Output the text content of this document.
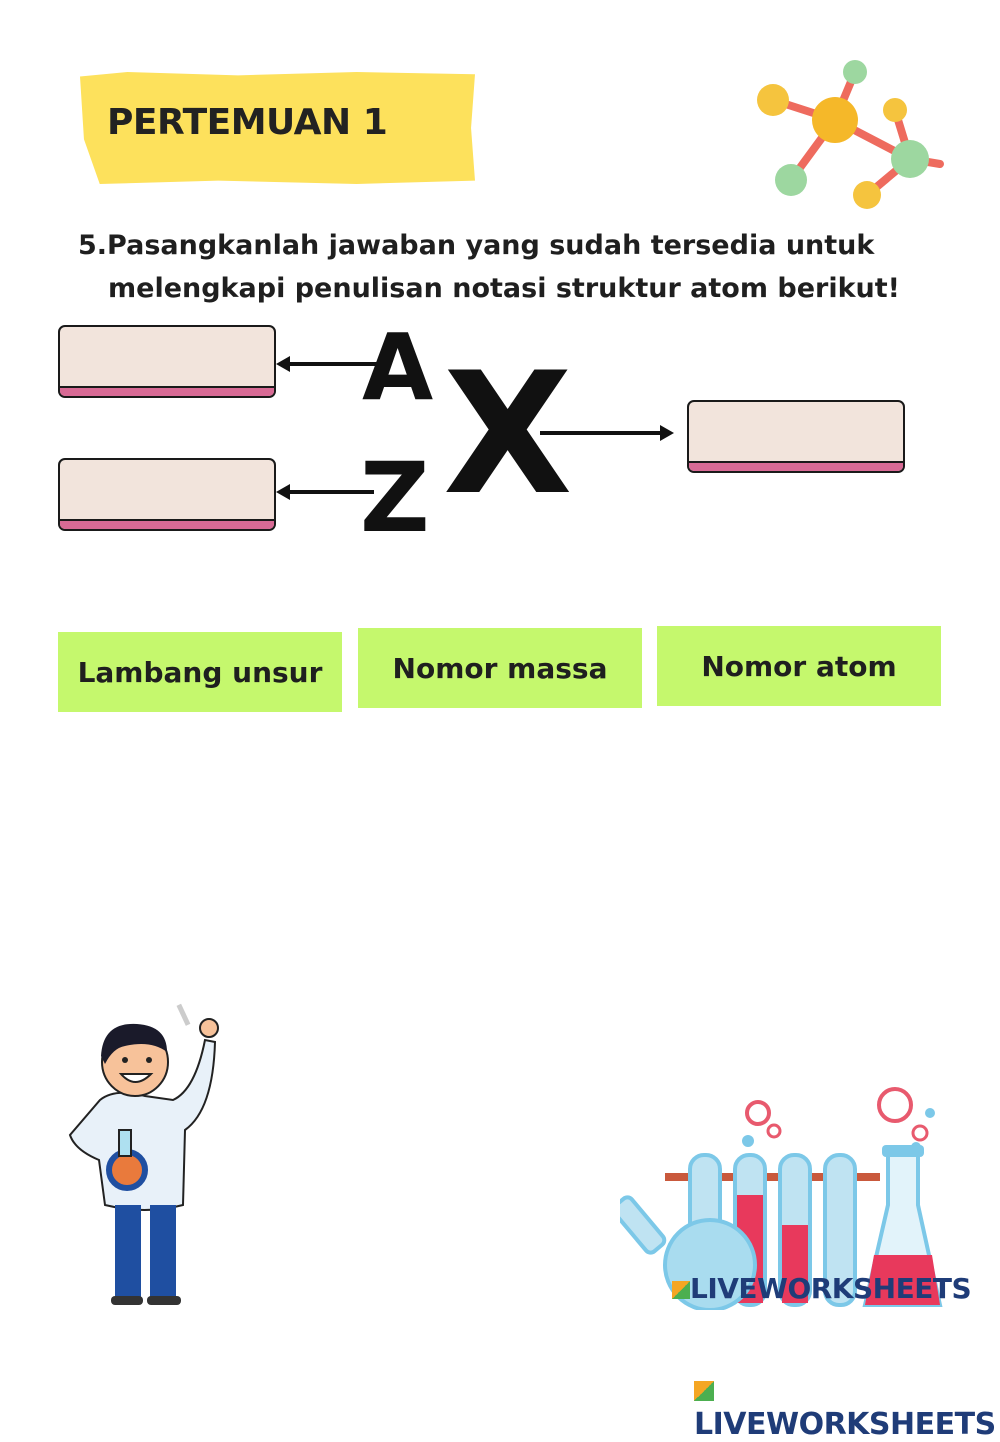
PERTEMUAN 1
5.Pasangkanlah jawaban yang sudah tersedia untuk
melengkapi penulisan notasi struktur atom berikut!
A
Z X
Lambang unsur	Nomor massa	Nomor atom
LIVEWORKSHEETS
LIVEWORKSHEETS
